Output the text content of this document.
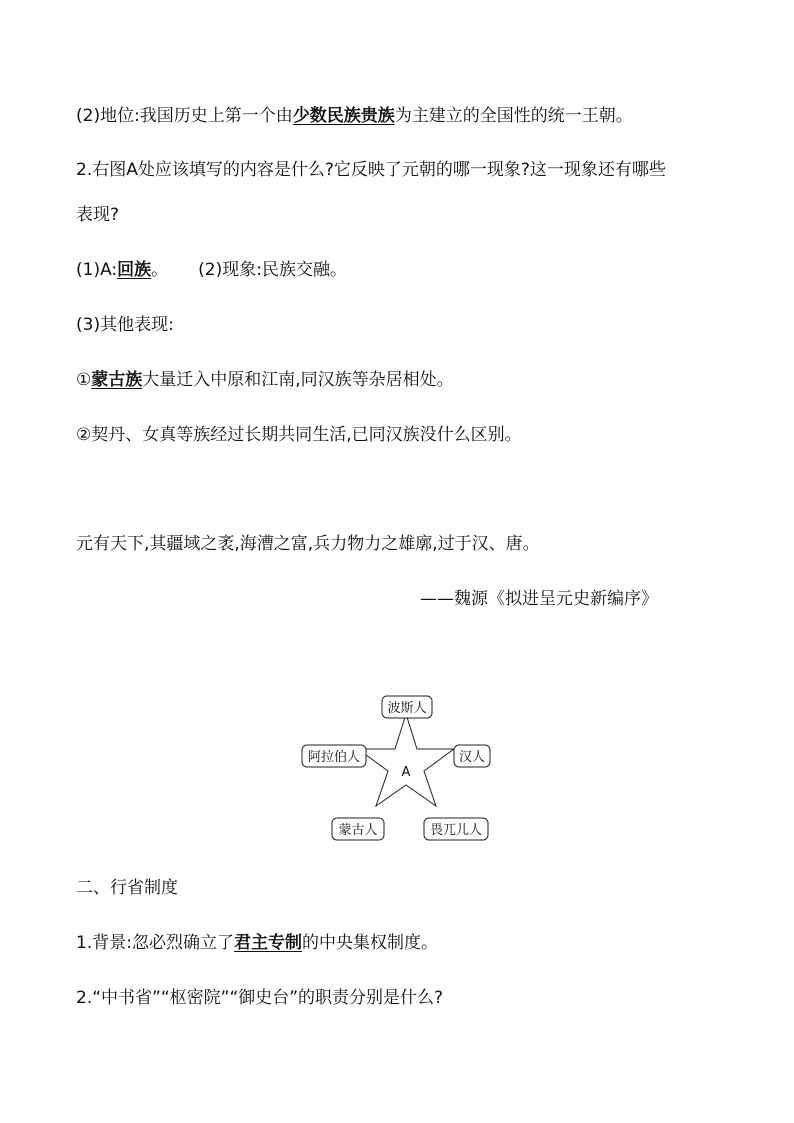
(2)地位:我国历史上第一个由少数民族贵族为主建立的全国性的统一王朝。
2.右图A处应该填写的内容是什么?它反映了元朝的哪一现象?这一现象还有哪些
表现?
(1)A:回族。 (2)现象:民族交融。
(3)其他表现:
①蒙古族大量迁入中原和江南,同汉族等杂居相处。
②契丹、女真等族经过长期共同生活,已同汉族没什么区别。
元有天下,其疆域之袤,海漕之富,兵力物力之雄廓,过于汉、唐。
——魏源《拟进呈元史新编序》
A
波斯人
阿拉伯人	汉人
蒙古人	畏兀儿人
二、行省制度
1.背景:忽必烈确立了君主专制的中央集权制度。
2.“中书省”“枢密院”“御史台”的职责分别是什么?
